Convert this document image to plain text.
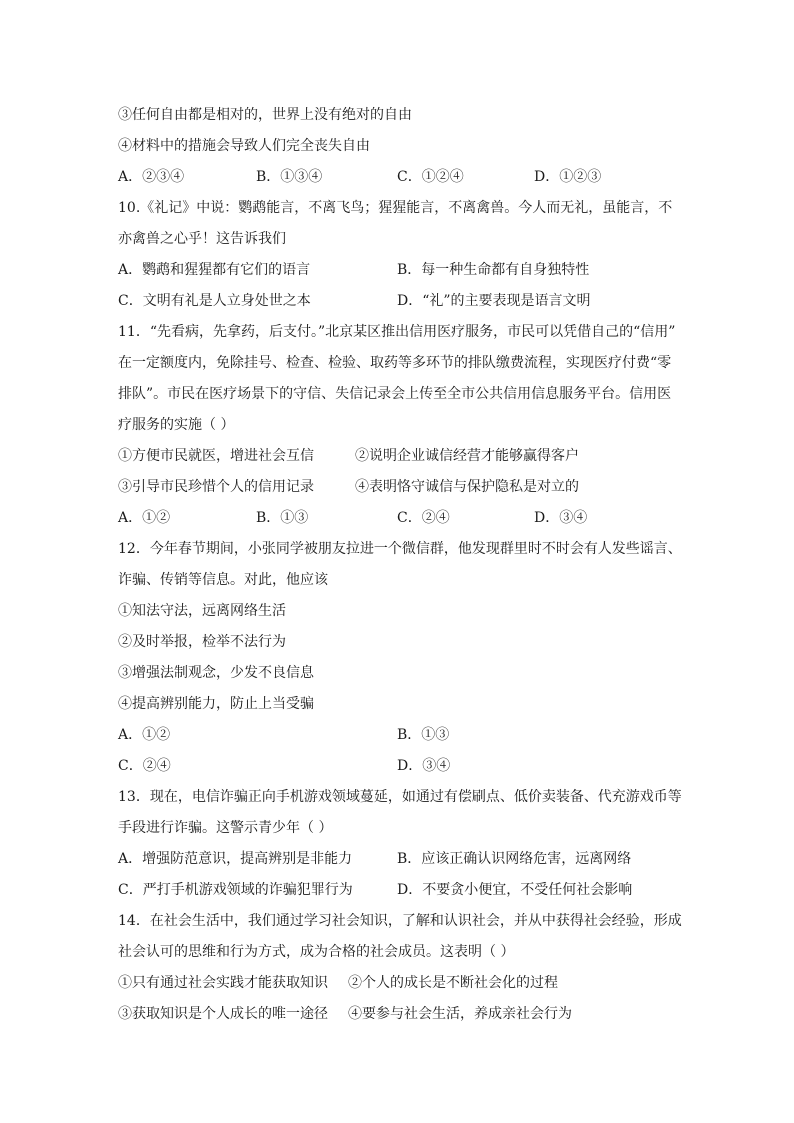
③任何自由都是相对的，世界上没有绝对的自由
④材料中的措施会导致人们完全丧失自由
A．②③④	B．①③④	C．①②④	D．①②③
10.《礼记》中说：鹦鹉能言，不离飞鸟；猩猩能言，不离禽兽。今人而无礼，虽能言，不
亦禽兽之心乎！这告诉我们
A．鹦鹉和猩猩都有它们的语言	B．每一种生命都有自身独特性
C．文明有礼是人立身处世之本	D．“礼”的主要表现是语言文明
11．“先看病，先拿药，后支付。”北京某区推出信用医疗服务，市民可以凭借自己的“信用”
在一定额度内，免除挂号、检查、检验、取药等多环节的排队缴费流程，实现医疗付费“零
排队”。市民在医疗场景下的守信、失信记录会上传至全市公共信用信息服务平台。信用医
疗服务的实施（ ）
①方便市民就医，增进社会互信	②说明企业诚信经营才能够赢得客户
③引导市民珍惜个人的信用记录	④表明恪守诚信与保护隐私是对立的
A．①②	B．①③	C．②④	D．③④
12．今年春节期间，小张同学被朋友拉进一个微信群，他发现群里时不时会有人发些谣言、
诈骗、传销等信息。对此，他应该
①知法守法，远离网络生活
②及时举报，检举不法行为
③增强法制观念，少发不良信息
④提高辨别能力，防止上当受骗
A．①②	B．①③
C．②④	D．③④
13．现在，电信诈骗正向手机游戏领域蔓延，如通过有偿刷点、低价卖装备、代充游戏币等
手段进行诈骗。这警示青少年（ ）
A．增强防范意识，提高辨别是非能力	B．应该正确认识网络危害，远离网络
C．严打手机游戏领域的诈骗犯罪行为	D．不要贪小便宜，不受任何社会影响
14．在社会生活中，我们通过学习社会知识，了解和认识社会，并从中获得社会经验，形成
社会认可的思维和行为方式，成为合格的社会成员。这表明（ ）
①只有通过社会实践才能获取知识 ②个人的成长是不断社会化的过程
③获取知识是个人成长的唯一途径 ④要参与社会生活，养成亲社会行为
